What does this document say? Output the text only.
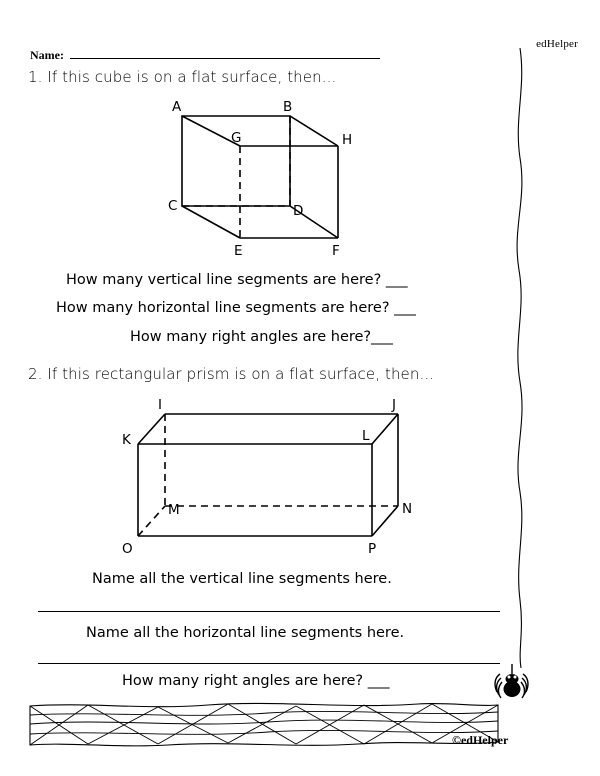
edHelper
Name:
1. If this cube is on a flat surface, then...
A	B
G	H
C	D
E	F
How many vertical line segments are here? ___
How many horizontal line segments are here? ___
How many right angles are here?___
2. If this rectangular prism is on a flat surface, then...
I	J
K	L
M	N
O	P
Name all the vertical line segments here.
Name all the horizontal line segments here.
How many right angles are here? ___
©edHelper
